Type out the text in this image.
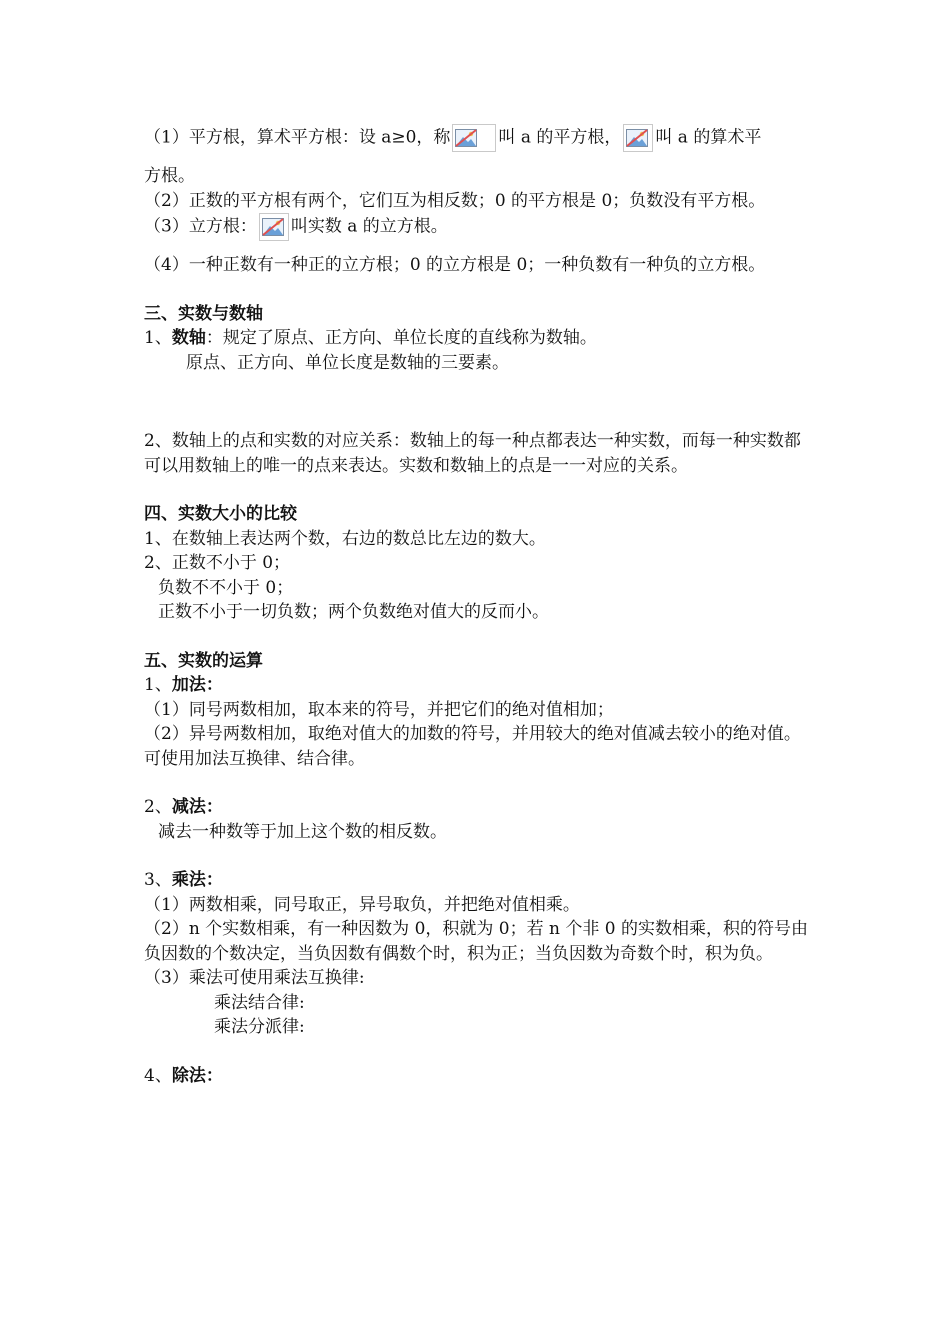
（1）平方根，算术平方根：设 a≥0，称	叫 a 的平方根， 叫 a 的算术平
方根。
（2）正数的平方根有两个，它们互为相反数；0 的平方根是 0；负数没有平方根。
（3）立方根： 叫实数 a 的立方根。
（4）一种正数有一种正的立方根；0 的立方根是 0；一种负数有一种负的立方根。
三、实数与数轴
1、数轴：规定了原点、正方向、单位长度的直线称为数轴。
原点、正方向、单位长度是数轴的三要素。
2、数轴上的点和实数的对应关系：数轴上的每一种点都表达一种实数，而每一种实数都可以用数轴上的唯一的点来表达。实数和数轴上的点是一一对应的关系。
四、实数大小的比较
1、在数轴上表达两个数，右边的数总比左边的数大。
2、正数不小于 0；
负数不不小于 0；
正数不小于一切负数；两个负数绝对值大的反而小。
五、实数的运算
1、加法：
（1）同号两数相加，取本来的符号，并把它们的绝对值相加；
（2）异号两数相加，取绝对值大的加数的符号，并用较大的绝对值减去较小的绝对值。可使用加法互换律、结合律。
2、减法：
减去一种数等于加上这个数的相反数。
3、乘法：
（1）两数相乘，同号取正，异号取负，并把绝对值相乘。
（2）n 个实数相乘，有一种因数为 0，积就为 0；若 n 个非 0 的实数相乘，积的符号由负因数的个数决定，当负因数有偶数个时，积为正；当负因数为奇数个时，积为负。
（3）乘法可使用乘法互换律:
乘法结合律:
乘法分派律:
4、除法：
